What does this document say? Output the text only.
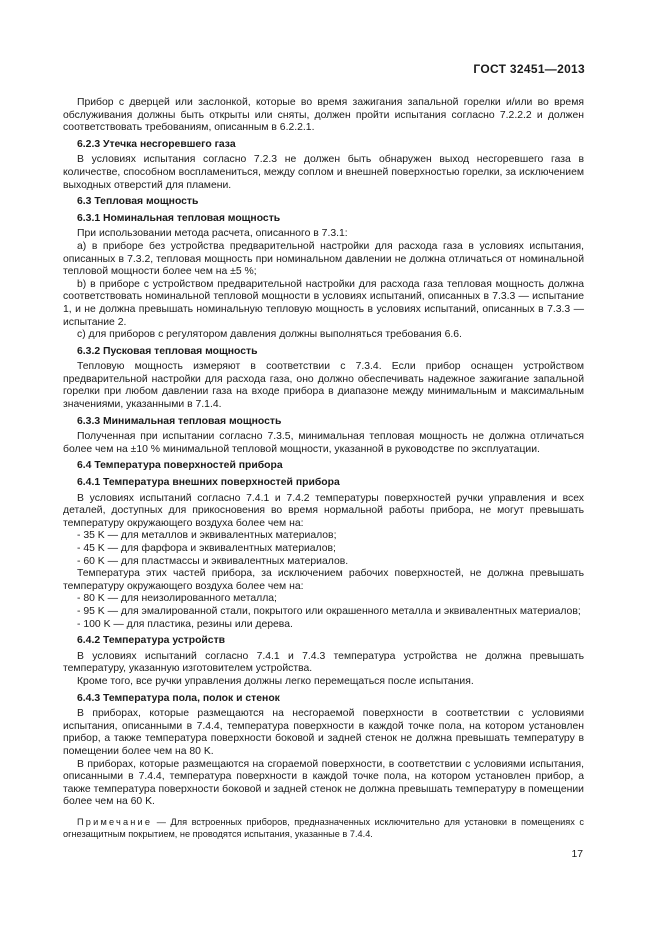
ГОСТ 32451—2013

Прибор с дверцей или заслонкой, которые во время зажигания запальной горелки и/или во время обслуживания должны быть открыты или сняты, должен пройти испытания согласно 7.2.2.2 и должен соответствовать требованиям, описанным в 6.2.2.1.

6.2.3 Утечка несгоревшего газа

В условиях испытания согласно 7.2.3 не должен быть обнаружен выход несгоревшего газа в количестве, способном воспламениться, между соплом и внешней поверхностью горелки, за исключением выходных отверстий для пламени.

6.3 Тепловая мощность

6.3.1 Номинальная тепловая мощность

При использовании метода расчета, описанного в 7.3.1:

a) в приборе без устройства предварительной настройки для расхода газа в условиях испытания, описанных в 7.3.2, тепловая мощность при номинальном давлении не должна отличаться от номинальной тепловой мощности более чем на ±5 %;

b) в приборе с устройством предварительной настройки для расхода газа тепловая мощность должна соответствовать номинальной тепловой мощности в условиях испытаний, описанных в 7.3.3 — испытание 1, и не должна превышать номинальную тепловую мощность в условиях испытаний, описанных в 7.3.3 — испытание 2.

c) для приборов с регулятором давления должны выполняться требования 6.6.

6.3.2 Пусковая тепловая мощность

Тепловую мощность измеряют в соответствии с 7.3.4. Если прибор оснащен устройством предварительной настройки для расхода газа, оно должно обеспечивать надежное зажигание запальной горелки при любом давлении газа на входе прибора в диапазоне между минимальным и максимальным значениями, указанными в 7.1.4.

6.3.3 Минимальная тепловая мощность

Полученная при испытании согласно 7.3.5, минимальная тепловая мощность не должна отличаться более чем на ±10 % минимальной тепловой мощности, указанной в руководстве по эксплуатации.

6.4 Температура поверхностей прибора

6.4.1 Температура внешних поверхностей прибора

В условиях испытаний согласно 7.4.1 и 7.4.2 температуры поверхностей ручки управления и всех деталей, доступных для прикосновения во время нормальной работы прибора, не могут превышать температуру окружающего воздуха более чем на:

- 35 K — для металлов и эквивалентных материалов;

- 45 K — для фарфора и эквивалентных материалов;

- 60 K — для пластмассы и эквивалентных материалов.

Температура этих частей прибора, за исключением рабочих поверхностей, не должна превышать температуру окружающего воздуха более чем на:

- 80 K — для неизолированного металла;

- 95 K — для эмалированной стали, покрытого или окрашенного металла и эквивалентных материалов;

- 100 K — для пластика, резины или дерева.

6.4.2 Температура устройств

В условиях испытаний согласно 7.4.1 и 7.4.3 температура устройства не должна превышать температуру, указанную изготовителем устройства.

Кроме того, все ручки управления должны легко перемещаться после испытания.

6.4.3 Температура пола, полок и стенок

В приборах, которые размещаются на несгораемой поверхности в соответствии с условиями испытания, описанными в 7.4.4, температура поверхности в каждой точке пола, на котором установлен прибор, а также температура поверхности боковой и задней стенок не должна превышать температуру в помещении более чем на 80 K.

В приборах, которые размещаются на сгораемой поверхности, в соответствии с условиями испытания, описанными в 7.4.4, температура поверхности в каждой точке пола, на котором установлен прибор, а также температура поверхности боковой и задней стенок не должна превышать температуру в помещении более чем на 60 K.

Примечание — Для встроенных приборов, предназначенных исключительно для установки в помещениях с огнезащитным покрытием, не проводятся испытания, указанные в 7.4.4.

17
